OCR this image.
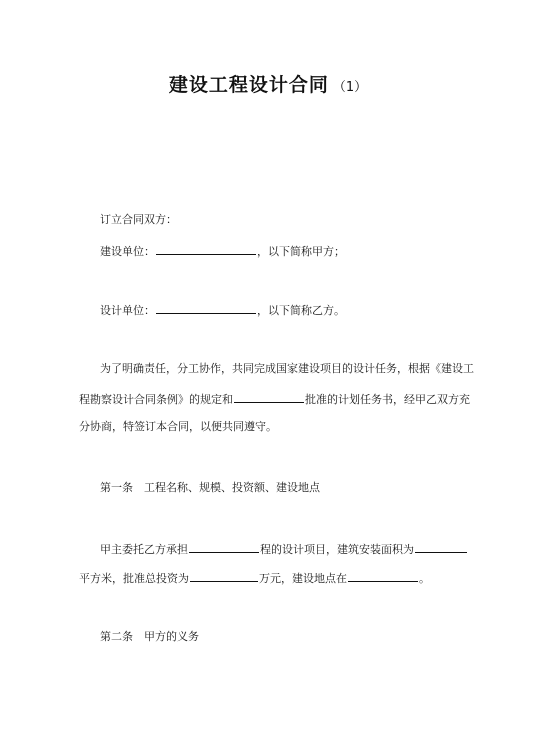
建设工程设计合同 （1）
订立合同双方：
建设单位：	，以下简称甲方；
设计单位：	，以下简称乙方。
为了明确责任，分工协作，共同完成国家建设项目的设计任务，根据《建设工
程勘察设计合同条例》的规定和	批准的计划任务书，经甲乙双方充
分协商，特签订本合同，以便共同遵守。
第一条　工程名称、规模、投资额、建设地点
甲主委托乙方承担	程的设计项目，建筑安装面积为
平方米，批准总投资为	万元，建设地点在	。
第二条　甲方的义务
